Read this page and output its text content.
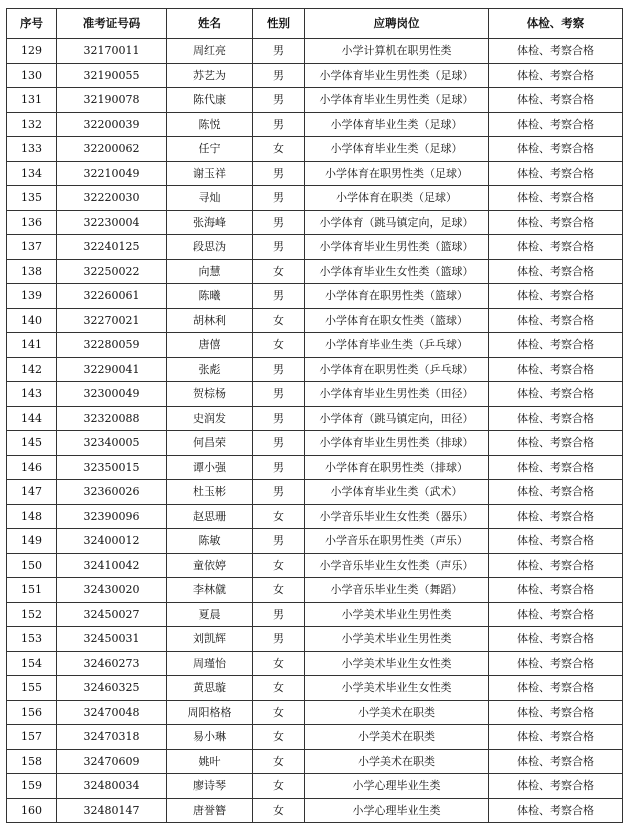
序号	准考证号码	姓名	性别	应聘岗位	体检、考察
129	32170011	周红亮	男	小学计算机在职男性类	体检、考察合格
130	32190055	苏艺为	男	小学体育毕业生男性类（足球）	体检、考察合格
131	32190078	陈代康	男	小学体育毕业生男性类（足球）	体检、考察合格
132	32200039	陈悦	男	小学体育毕业生类（足球）	体检、考察合格
133	32200062	任宁	女	小学体育毕业生类（足球）	体检、考察合格
134	32210049	谢玉祥	男	小学体育在职男性类（足球）	体检、考察合格
135	32220030	寻灿	男	小学体育在职类（足球）	体检、考察合格
136	32230004	张海峰	男	小学体育（跳马镇定向，足球）	体检、考察合格
137	32240125	段思沩	男	小学体育毕业生男性类（篮球）	体检、考察合格
138	32250022	向慧	女	小学体育毕业生女性类（篮球）	体检、考察合格
139	32260061	陈曦	男	小学体育在职男性类（篮球）	体检、考察合格
140	32270021	胡林利	女	小学体育在职女性类（篮球）	体检、考察合格
141	32280059	唐僖	女	小学体育毕业生类（乒乓球）	体检、考察合格
142	32290041	张彪	男	小学体育在职男性类（乒乓球）	体检、考察合格
143	32300049	贺棕杨	男	小学体育毕业生男性类（田径）	体检、考察合格
144	32320088	史润发	男	小学体育（跳马镇定向，田径）	体检、考察合格
145	32340005	何昌荣	男	小学体育毕业生男性类（排球）	体检、考察合格
146	32350015	谭小强	男	小学体育在职男性类（排球）	体检、考察合格
147	32360026	杜玉彬	男	小学体育毕业生类（武术）	体检、考察合格
148	32390096	赵思珊	女	小学音乐毕业生女性类（器乐）	体检、考察合格
149	32400012	陈敏	男	小学音乐在职男性类（声乐）	体检、考察合格
150	32410042	童依婷	女	小学音乐毕业生女性类（声乐）	体检、考察合格
151	32430020	李林僦	女	小学音乐毕业生类（舞蹈）	体检、考察合格
152	32450027	夏晨	男	小学美术毕业生男性类	体检、考察合格
153	32450031	刘凯辉	男	小学美术毕业生男性类	体检、考察合格
154	32460273	周瑾怡	女	小学美术毕业生女性类	体检、考察合格
155	32460325	黄思璇	女	小学美术毕业生女性类	体检、考察合格
156	32470048	周阳格格	女	小学美术在职类	体检、考察合格
157	32470318	易小琳	女	小学美术在职类	体检、考察合格
158	32470609	姚叶	女	小学美术在职类	体检、考察合格
159	32480034	廖诗琴	女	小学心理毕业生类	体检、考察合格
160	32480147	唐誉簪	女	小学心理毕业生类	体检、考察合格
